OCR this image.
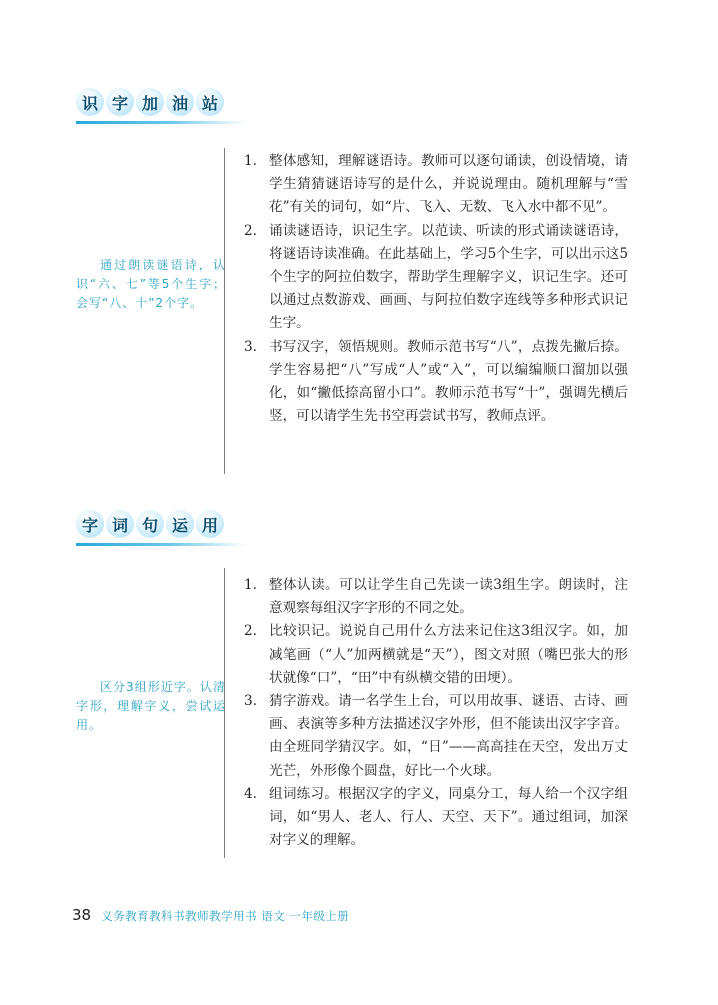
识 字 加 油 站
通过朗读谜语诗，认识“六、七”等5个生字；会写“八、十”2个字。
1. 整体感知，理解谜语诗。教师可以逐句诵读，创设情境，请学生猜猜谜语诗写的是什么，并说说理由。随机理解与“雪花”有关的词句，如“片、飞入、无数、飞入水中都不见”。
2. 诵读谜语诗，识记生字。以范读、听读的形式诵读谜语诗，将谜语诗读准确。在此基础上，学习5个生字，可以出示这5个生字的阿拉伯数字，帮助学生理解字义，识记生字。还可以通过点数游戏、画画、与阿拉伯数字连线等多种形式识记生字。
3. 书写汉字，领悟规则。教师示范书写“八”，点拨先撇后捺。学生容易把“八”写成“人”或“入”，可以编编顺口溜加以强化，如“撇低捺高留小口”。教师示范书写“十”，强调先横后竖，可以请学生先书空再尝试书写，教师点评。
字 词 句 运 用
区分3组形近字。认清字形，理解字义，尝试运用。
1. 整体认读。可以让学生自己先读一读3组生字。朗读时，注意观察每组汉字字形的不同之处。
2. 比较识记。说说自己用什么方法来记住这3组汉字。如，加减笔画（“人”加两横就是“天”），图文对照（嘴巴张大的形状就像“口”，“田”中有纵横交错的田埂）。
3. 猜字游戏。请一名学生上台，可以用故事、谜语、古诗、画画、表演等多种方法描述汉字外形，但不能读出汉字字音。由全班同学猜汉字。如，“日”——高高挂在天空，发出万丈光芒，外形像个圆盘，好比一个火球。
4. 组词练习。根据汉字的字义，同桌分工，每人给一个汉字组词，如“男人、老人、行人、天空、天下”。通过组词，加深对字义的理解。
38 义务教育教科书教师教学用书 语文 一年级上册
